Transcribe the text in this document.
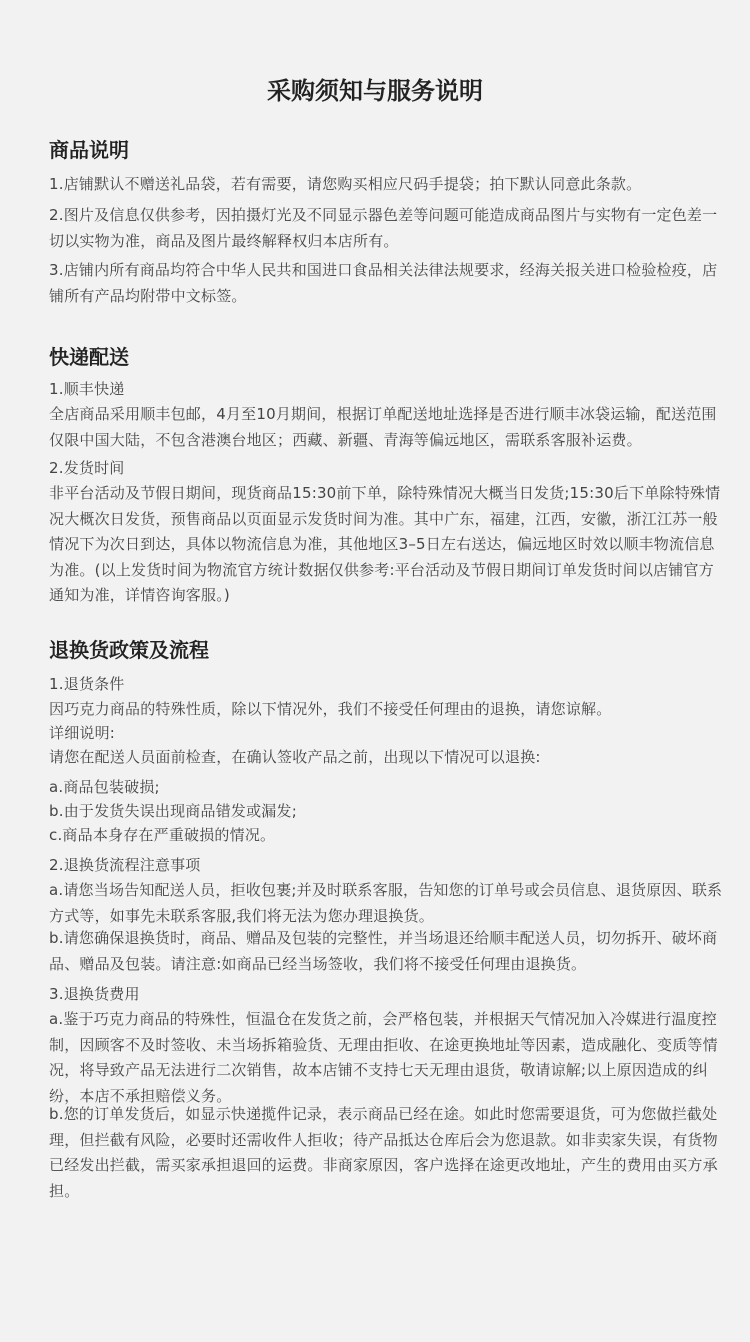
采购须知与服务说明
商品说明

1.店铺默认不赠送礼品袋，若有需要，请您购买相应尺码手提袋；拍下默认同意此条款。

2.图片及信息仅供参考，因拍摄灯光及不同显示器色差等问题可能造成商品图片与实物有一定色差一切以实物为准，商品及图片最终解释权归本店所有。

3.店铺内所有商品均符合中华人民共和国进口食品相关法律法规要求，经海关报关进口检验检疫，店铺所有产品均附带中文标签。

快递配送

1.顺丰快递

全店商品采用顺丰包邮，4月至10月期间，根据订单配送地址选择是否进行顺丰冰袋运输，配送范围仅限中国大陆，不包含港澳台地区；西藏、新疆、青海等偏远地区，需联系客服补运费。

2.发货时间

非平台活动及节假日期间，现货商品15:30前下单，除特殊情况大概当日发货;15:30后下单除特殊情况大概次日发货，预售商品以页面显示发货时间为准。其中广东，福建，江西，安徽，浙江江苏一般情况下为次日到达，具体以物流信息为准，其他地区3–5日左右送达，偏远地区时效以顺丰物流信息为准。(以上发货时间为物流官方统计数据仅供参考:平台活动及节假日期间订单发货时间以店铺官方通知为准，详情咨询客服。)

退换货政策及流程

1.退货条件

因巧克力商品的特殊性质，除以下情况外，我们不接受任何理由的退换，请您谅解。

详细说明:

请您在配送人员面前检查，在确认签收产品之前，出现以下情况可以退换:

a.商品包装破损;

b.由于发货失误出现商品错发或漏发;

c.商品本身存在严重破损的情况。

2.退换货流程注意事项

a.请您当场告知配送人员，拒收包裹;并及时联系客服，告知您的订单号或会员信息、退货原因、联系方式等，如事先未联系客服,我们将无法为您办理退换货。

b.请您确保退换货时，商品、赠品及包装的完整性，并当场退还给顺丰配送人员，切勿拆开、破坏商品、赠品及包装。请注意:如商品已经当场签收，我们将不接受任何理由退换货。

3.退换货费用

a.鉴于巧克力商品的特殊性，恒温仓在发货之前，会严格包装，并根据天气情况加入冷媒进行温度控制，因顾客不及时签收、未当场拆箱验货、无理由拒收、在途更换地址等因素，造成融化、变质等情况，将导致产品无法进行二次销售，故本店铺不支持七天无理由退货，敬请谅解;以上原因造成的纠纷，本店不承担赔偿义务。

b.您的订单发货后，如显示快递揽件记录，表示商品已经在途。如此时您需要退货，可为您做拦截处理，但拦截有风险，必要时还需收件人拒收；待产品抵达仓库后会为您退款。如非卖家失误，有货物已经发出拦截，需买家承担退回的运费。非商家原因，客户选择在途更改地址，产生的费用由买方承担。
